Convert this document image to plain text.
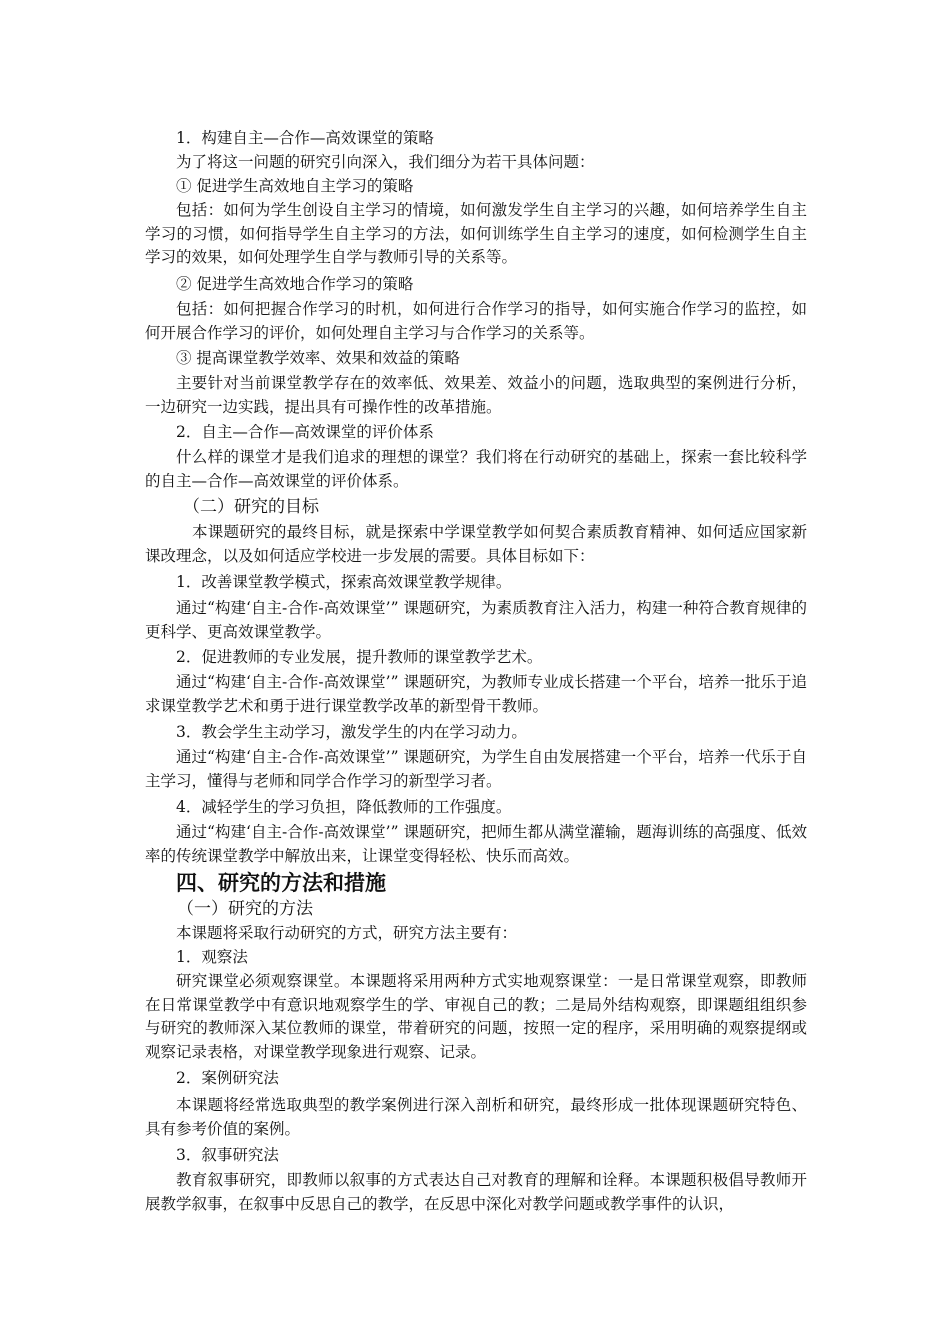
1．构建自主—合作—高效课堂的策略

为了将这一问题的研究引向深入，我们细分为若干具体问题：

① 促进学生高效地自主学习的策略

包括：如何为学生创设自主学习的情境，如何激发学生自主学习的兴趣，如何培养学生自主学习的习惯，如何指导学生自主学习的方法，如何训练学生自主学习的速度，如何检测学生自主学习的效果，如何处理学生自学与教师引导的关系等。

② 促进学生高效地合作学习的策略

包括：如何把握合作学习的时机，如何进行合作学习的指导，如何实施合作学习的监控，如何开展合作学习的评价，如何处理自主学习与合作学习的关系等。

③ 提高课堂教学效率、效果和效益的策略

主要针对当前课堂教学存在的效率低、效果差、效益小的问题，选取典型的案例进行分析，一边研究一边实践，提出具有可操作性的改革措施。

2．自主—合作—高效课堂的评价体系

什么样的课堂才是我们追求的理想的课堂？我们将在行动研究的基础上，探索一套比较科学的自主—合作—高效课堂的评价体系。

（二）研究的目标

本课题研究的最终目标，就是探索中学课堂教学如何契合素质教育精神、如何适应国家新课改理念，以及如何适应学校进一步发展的需要。具体目标如下：

1．改善课堂教学模式，探索高效课堂教学规律。

通过“构建‘自主-合作-高效课堂’” 课题研究，为素质教育注入活力，构建一种符合教育规律的更科学、更高效课堂教学。

2．促进教师的专业发展，提升教师的课堂教学艺术。

通过“构建‘自主-合作-高效课堂’” 课题研究，为教师专业成长搭建一个平台，培养一批乐于追求课堂教学艺术和勇于进行课堂教学改革的新型骨干教师。

3．教会学生主动学习，激发学生的内在学习动力。

通过“构建‘自主-合作-高效课堂’” 课题研究，为学生自由发展搭建一个平台，培养一代乐于自主学习，懂得与老师和同学合作学习的新型学习者。

4．减轻学生的学习负担，降低教师的工作强度。

通过“构建‘自主-合作-高效课堂’” 课题研究，把师生都从满堂灌输，题海训练的高强度、低效率的传统课堂教学中解放出来，让课堂变得轻松、快乐而高效。

四、研究的方法和措施

（一）研究的方法

本课题将采取行动研究的方式，研究方法主要有：

1．观察法

研究课堂必须观察课堂。本课题将采用两种方式实地观察课堂：一是日常课堂观察，即教师在日常课堂教学中有意识地观察学生的学、审视自己的教；二是局外结构观察，即课题组组织参与研究的教师深入某位教师的课堂，带着研究的问题，按照一定的程序，采用明确的观察提纲或观察记录表格，对课堂教学现象进行观察、记录。

2．案例研究法

本课题将经常选取典型的教学案例进行深入剖析和研究，最终形成一批体现课题研究特色、具有参考价值的案例。

3．叙事研究法

教育叙事研究，即教师以叙事的方式表达自己对教育的理解和诠释。本课题积极倡导教师开展教学叙事，在叙事中反思自己的教学，在反思中深化对教学问题或教学事件的认识，
